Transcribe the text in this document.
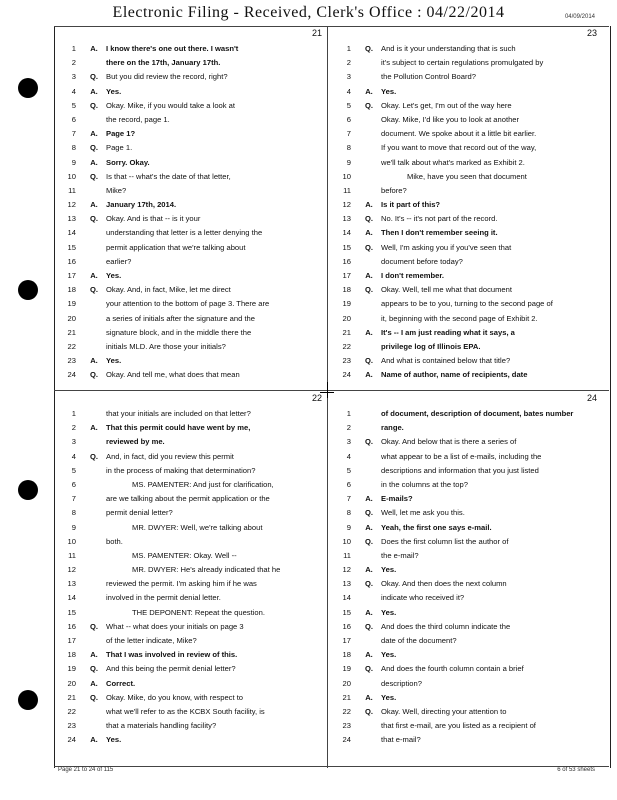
Electronic Filing - Received, Clerk's Office : 04/22/2014	04/09/2014
21
1 A. I know there's one out there. I wasn't
2	there on the 17th, January 17th.
3 Q. But you did review the record, right?
4 A. Yes.
5 Q. Okay. Mike, if you would take a look at
6	the record, page 1.
7 A. Page 1?
8 Q. Page 1.
9 A. Sorry. Okay.
10 Q. Is that -- what's the date of that letter,
11	Mike?
12 A. January 17th, 2014.
13 Q. Okay. And is that -- is it your
14	understanding that letter is a letter denying the
15	permit application that we're talking about
16	earlier?
17 A. Yes.
18 Q. Okay. And, in fact, Mike, let me direct
19	your attention to the bottom of page 3. There are
20	a series of initials after the signature and the
21	signature block, and in the middle there the
22	initials MLD. Are those your initials?
23 A. Yes.
24 Q. Okay. And tell me, what does that mean
23
1 Q. And is it your understanding that is such
2	it's subject to certain regulations promulgated by
3	the Pollution Control Board?
4 A. Yes.
5 Q. Okay. Let's get, I'm out of the way here
6	Okay. Mike, I'd like you to look at another
7	document. We spoke about it a little bit earlier.
8	If you want to move that record out of the way,
9	we'll talk about what's marked as Exhibit 2.
10	Mike, have you seen that document
11	before?
12 A. Is it part of this?
13 Q. No. It's -- it's not part of the record.
14 A. Then I don't remember seeing it.
15 Q. Well, I'm asking you if you've seen that
16	document before today?
17 A. I don't remember.
18 Q. Okay. Well, tell me what that document
19	appears to be to you, turning to the second page of
20	it, beginning with the second page of Exhibit 2.
21 A. It's -- I am just reading what it says, a
22	privilege log of Illinois EPA.
23 Q. And what is contained below that title?
24 A. Name of author, name of recipients, date
22
1	that your initials are included on that letter?
2 A. That this permit could have went by me,
3	reviewed by me.
4 Q. And, in fact, did you review this permit
5	in the process of making that determination?
6	MS. PAMENTER: And just for clarification,
7	are we talking about the permit application or the
8	permit denial letter?
9	MR. DWYER: Well, we're talking about
10	both.
11	MS. PAMENTER: Okay. Well --
12	MR. DWYER: He's already indicated that he
13	reviewed the permit. I'm asking him if he was
14	involved in the permit denial letter.
15	THE DEPONENT: Repeat the question.
16 Q. What -- what does your initials on page 3
17	of the letter indicate, Mike?
18 A. That I was involved in review of this.
19 Q. And this being the permit denial letter?
20 A. Correct.
21 Q. Okay. Mike, do you know, with respect to
22	what we'll refer to as the KCBX South facility, is
23	that a materials handling facility?
24 A. Yes.
24
1	of document, description of document, bates number
2	range.
3 Q. Okay. And below that is there a series of
4	what appear to be a list of e-mails, including the
5	descriptions and information that you just listed
6	in the columns at the top?
7 A. E-mails?
8 Q. Well, let me ask you this.
9 A. Yeah, the first one says e-mail.
10 Q. Does the first column list the author of
11	the e-mail?
12 A. Yes.
13 Q. Okay. And then does the next column
14	indicate who received it?
15 A. Yes.
16 Q. And does the third column indicate the
17	date of the document?
18 A. Yes.
19 Q. And does the fourth column contain a brief
20	description?
21 A. Yes.
22 Q. Okay. Well, directing your attention to
23	that first e-mail, are you listed as a recipient of
24	that e-mail?
Page 21 to 24 of 115	6 of 53 sheets
